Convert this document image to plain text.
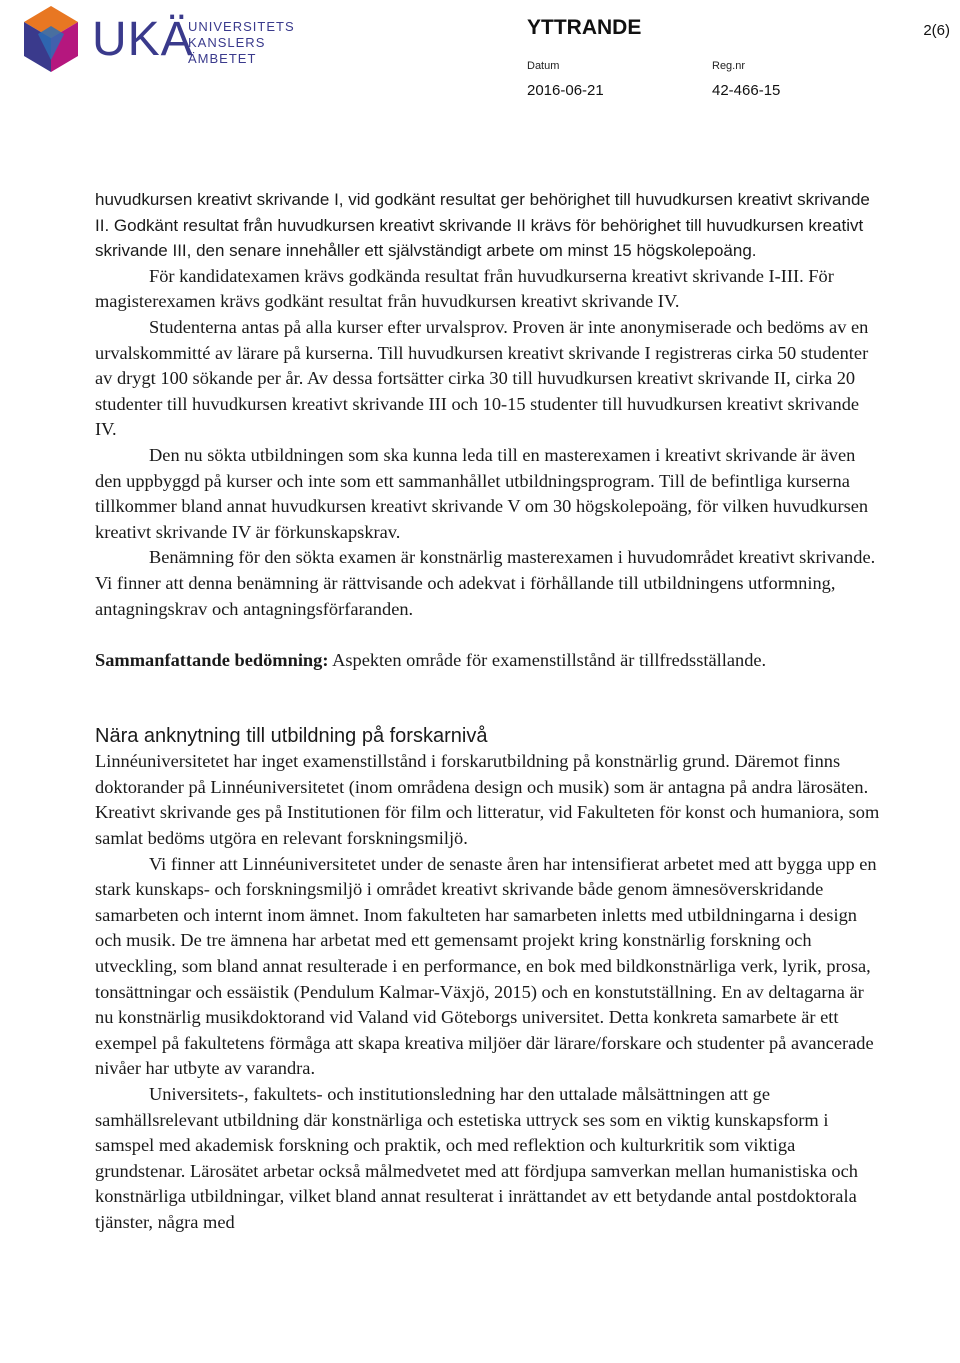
UKÄ
UNIVERSITETS
KANSLERS
ÄMBETET
YTTRANDE	2(6)
Datum	Reg.nr
2016-06-21	42-466-15

huvudkursen kreativt skrivande I, vid godkänt resultat ger behörighet till huvudkursen kreativt skrivande II. Godkänt resultat från huvudkursen kreativt skrivande II krävs för behörighet till huvudkursen kreativt skrivande III, den senare innehåller ett självständigt arbete om minst 15 högskolepoäng.

För kandidatexamen krävs godkända resultat från huvudkurserna kreativt skrivande I-III. För magisterexamen krävs godkänt resultat från huvudkursen kreativt skrivande IV.

Studenterna antas på alla kurser efter urvalsprov. Proven är inte anonymiserade och bedöms av en urvalskommitté av lärare på kurserna. Till huvudkursen kreativt skrivande I registreras cirka 50 studenter av drygt 100 sökande per år. Av dessa fortsätter cirka 30 till huvudkursen kreativt skrivande II, cirka 20 studenter till huvudkursen kreativt skrivande III och 10-15 studenter till huvudkursen kreativt skrivande IV.

Den nu sökta utbildningen som ska kunna leda till en masterexamen i kreativt skrivande är även den uppbyggd på kurser och inte som ett sammanhållet utbildningsprogram. Till de befintliga kurserna tillkommer bland annat huvudkursen kreativt skrivande V om 30 högskolepoäng, för vilken huvudkursen kreativt skrivande IV är förkunskapskrav.

Benämning för den sökta examen är konstnärlig masterexamen i huvudområdet kreativt skrivande. Vi finner att denna benämning är rättvisande och adekvat i förhållande till utbildningens utformning, antagningskrav och antagningsförfaranden.

Sammanfattande bedömning: Aspekten område för examenstillstånd är tillfredsställande.

Nära anknytning till utbildning på forskarnivå

Linnéuniversitetet har inget examenstillstånd i forskarutbildning på konstnärlig grund. Däremot finns doktorander på Linnéuniversitetet (inom områdena design och musik) som är antagna på andra lärosäten. Kreativt skrivande ges på Institutionen för film och litteratur, vid Fakulteten för konst och humaniora, som samlat bedöms utgöra en relevant forskningsmiljö.

Vi finner att Linnéuniversitetet under de senaste åren har intensifierat arbetet med att bygga upp en stark kunskaps- och forskningsmiljö i området kreativt skrivande både genom ämnesöverskridande samarbeten och internt inom ämnet. Inom fakulteten har samarbeten inletts med utbildningarna i design och musik. De tre ämnena har arbetat med ett gemensamt projekt kring konstnärlig forskning och utveckling, som bland annat resulterade i en performance, en bok med bildkonstnärliga verk, lyrik, prosa, tonsättningar och essäistik (Pendulum Kalmar-Växjö, 2015) och en konstutställning. En av deltagarna är nu konstnärlig musikdoktorand vid Valand vid Göteborgs universitet. Detta konkreta samarbete är ett exempel på fakultetens förmåga att skapa kreativa miljöer där lärare/forskare och studenter på avancerade nivåer har utbyte av varandra.

Universitets-, fakultets- och institutionsledning har den uttalade målsättningen att ge samhällsrelevant utbildning där konstnärliga och estetiska uttryck ses som en viktig kunskapsform i samspel med akademisk forskning och praktik, och med reflektion och kulturkritik som viktiga grundstenar. Lärosätet arbetar också målmedvetet med att fördjupa samverkan mellan humanistiska och konstnärliga utbildningar, vilket bland annat resulterat i inrättandet av ett betydande antal postdoktorala tjänster, några med
